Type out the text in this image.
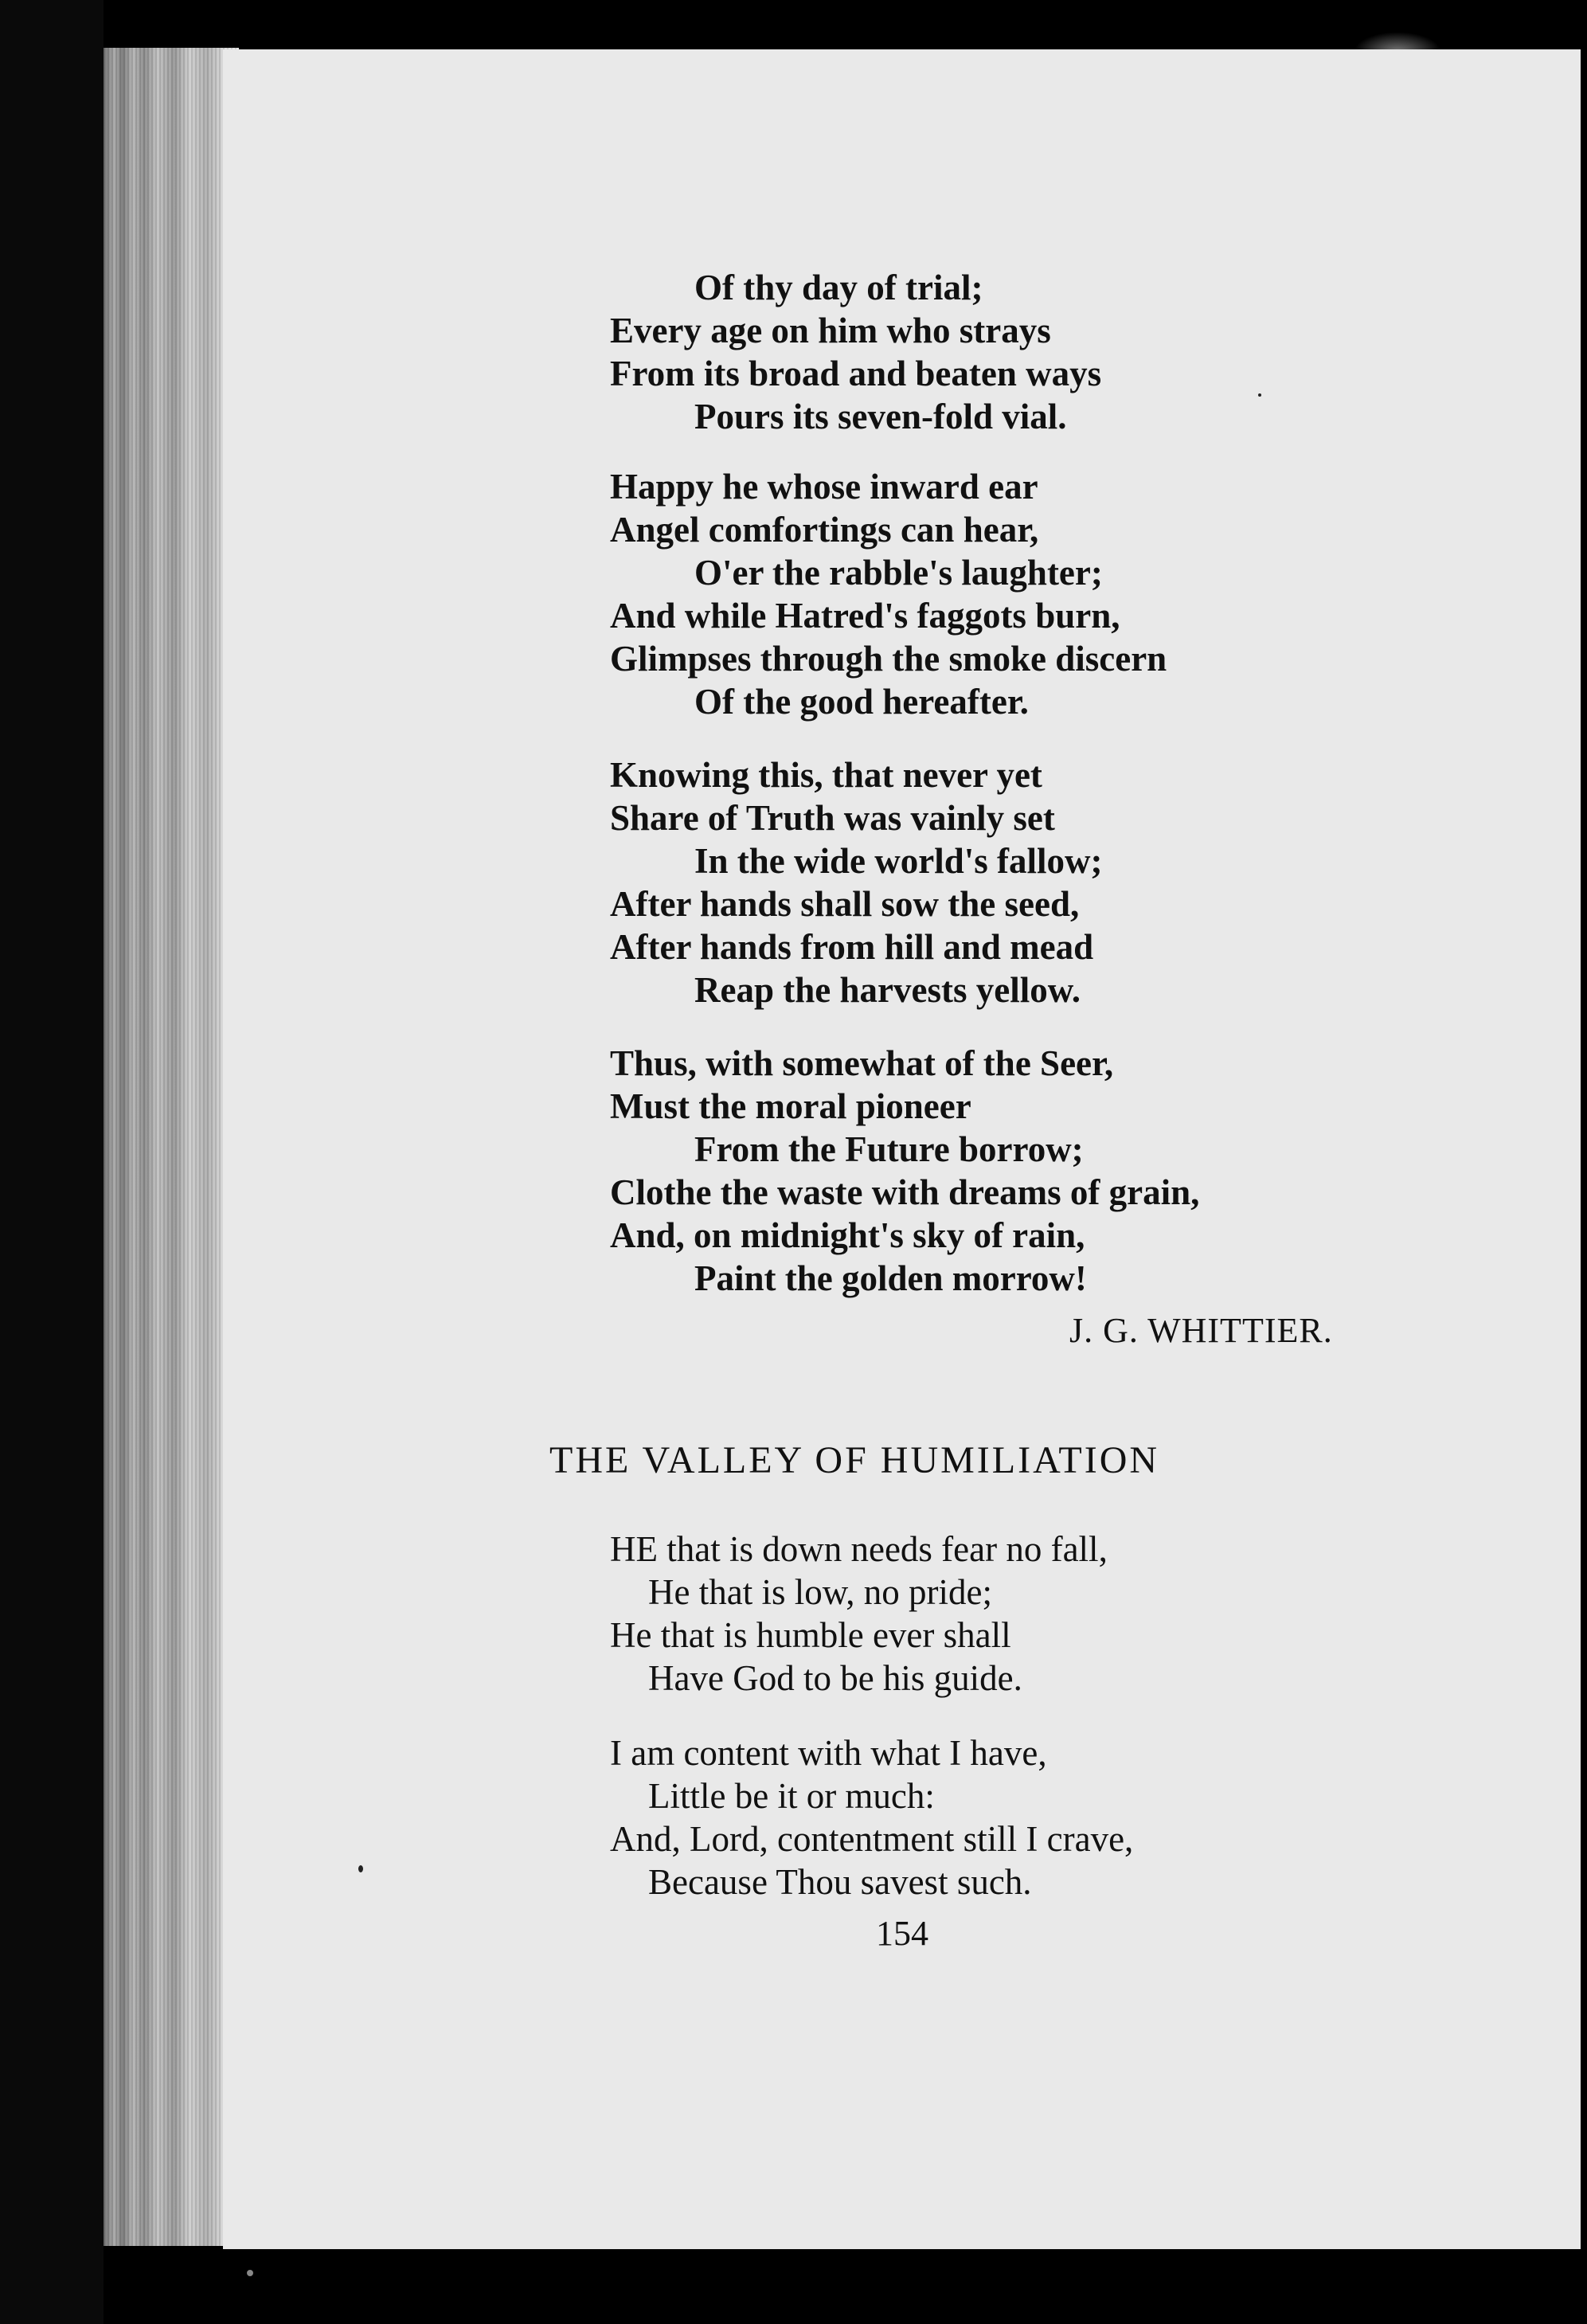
Of thy day of trial;
Every age on him who strays
From its broad and beaten ways
Pours its seven-fold vial.
Happy he whose inward ear
Angel comfortings can hear,
O'er the rabble's laughter;
And while Hatred's faggots burn,
Glimpses through the smoke discern
Of the good hereafter.
Knowing this, that never yet
Share of Truth was vainly set
In the wide world's fallow;
After hands shall sow the seed,
After hands from hill and mead
Reap the harvests yellow.
Thus, with somewhat of the Seer,
Must the moral pioneer
From the Future borrow;
Clothe the waste with dreams of grain,
And, on midnight's sky of rain,
Paint the golden morrow!
J. G. WHITTIER.
THE VALLEY OF HUMILIATION
HE that is down needs fear no fall,
He that is low, no pride;
He that is humble ever shall
Have God to be his guide.
I am content with what I have,
Little be it or much:
And, Lord, contentment still I crave,
Because Thou savest such.
154
